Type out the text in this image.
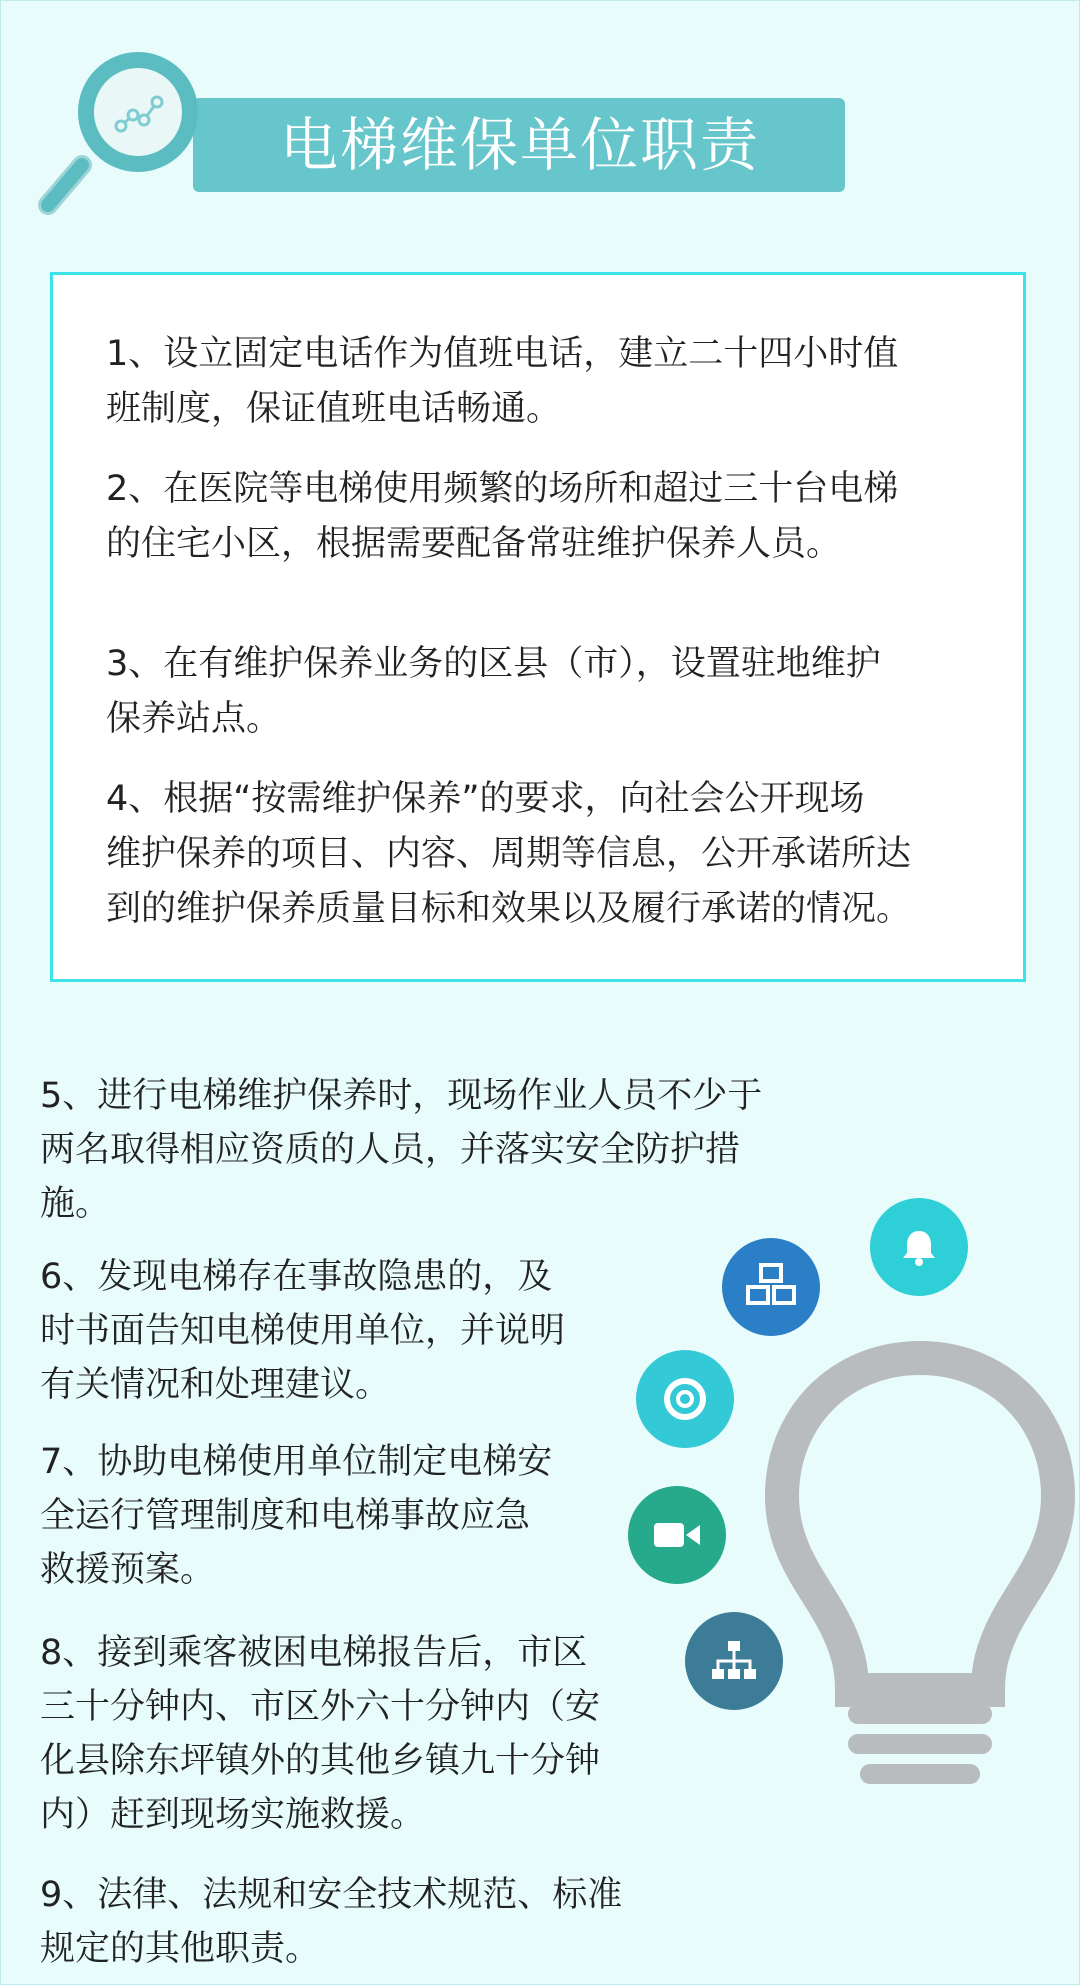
电梯维保单位职责
1、设立固定电话作为值班电话，建立二十四小时值
班制度，保证值班电话畅通。
2、在医院等电梯使用频繁的场所和超过三十台电梯
的住宅小区，根据需要配备常驻维护保养人员。
3、在有维护保养业务的区县（市），设置驻地维护
保养站点。
4、根据“按需维护保养”的要求，向社会公开现场
维护保养的项目、内容、周期等信息，公开承诺所达
到的维护保养质量目标和效果以及履行承诺的情况。
5、进行电梯维护保养时，现场作业人员不少于
两名取得相应资质的人员，并落实安全防护措
施。
6、发现电梯存在事故隐患的，及
时书面告知电梯使用单位，并说明
有关情况和处理建议。
7、协助电梯使用单位制定电梯安
全运行管理制度和电梯事故应急
救援预案。
8、接到乘客被困电梯报告后，市区
三十分钟内、市区外六十分钟内（安
化县除东坪镇外的其他乡镇九十分钟
内）赶到现场实施救援。
9、法律、法规和安全技术规范、标准
规定的其他职责。
